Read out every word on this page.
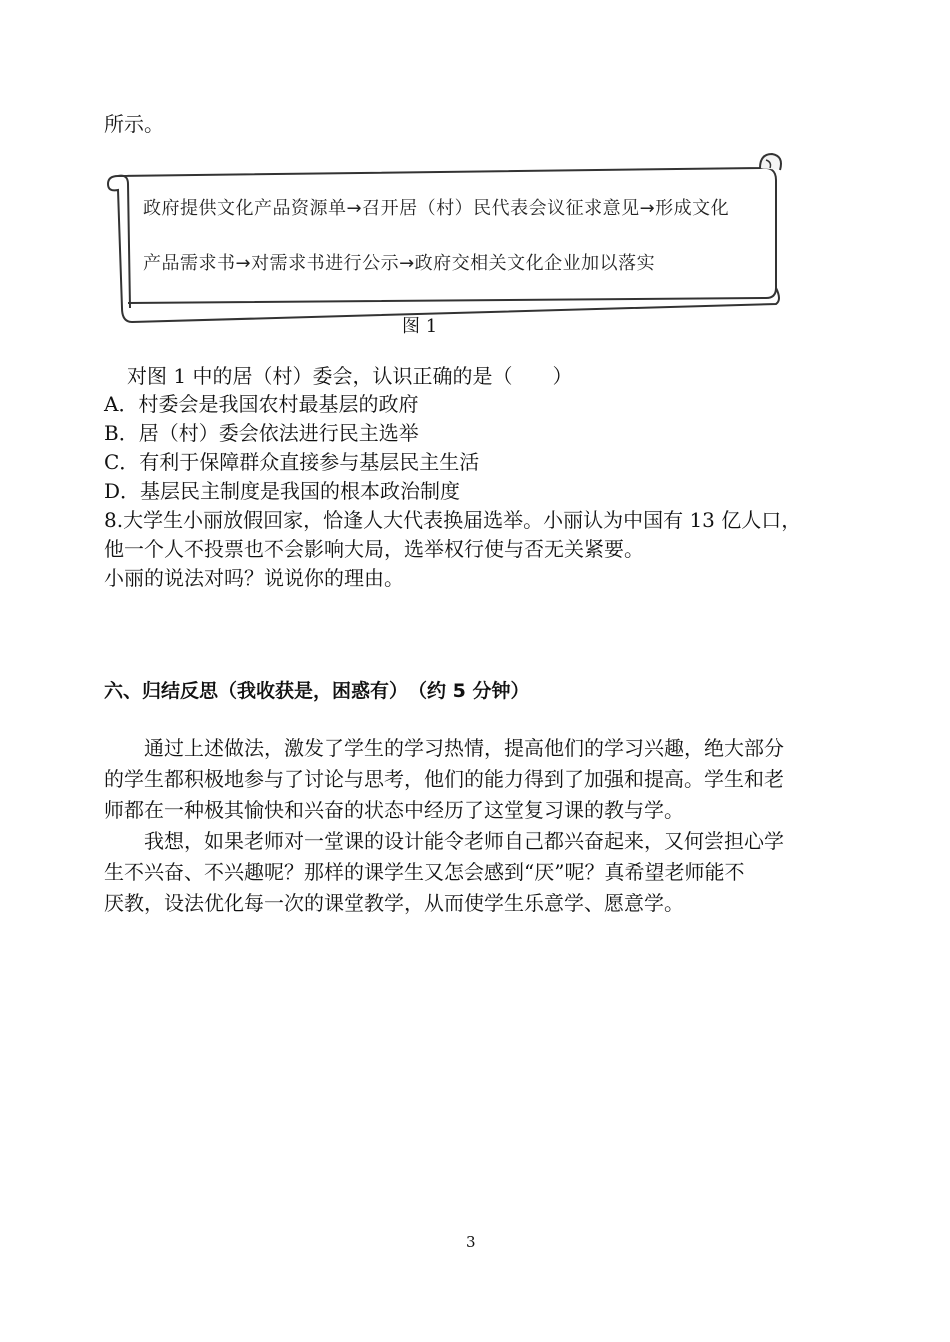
所示。
政府提供文化产品资源单→召开居（村）民代表会议征求意见→形成文化
产品需求书→对需求书进行公示→政府交相关文化企业加以落实
图 1
对图 1 中的居（村）委会，认识正确的是（　　）
A．村委会是我国农村最基层的政府
B．居（村）委会依法进行民主选举
C．有利于保障群众直接参与基层民主生活
D．基层民主制度是我国的根本政治制度
8.大学生小丽放假回家，恰逢人大代表换届选举。小丽认为中国有 13 亿人口，
他一个人不投票也不会影响大局，选举权行使与否无关紧要。
小丽的说法对吗？说说你的理由。
六、归结反思（我收获是，困惑有）　（约 5 分钟）
　　通过上述做法，激发了学生的学习热情，提高他们的学习兴趣，绝大部分
的学生都积极地参与了讨论与思考，他们的能力得到了加强和提高。学生和老
师都在一种极其愉快和兴奋的状态中经历了这堂复习课的教与学。
　　我想，如果老师对一堂课的设计能令老师自己都兴奋起来，又何尝担心学
生不兴奋、不兴趣呢？那样的课学生又怎会感到“厌”呢？真希望老师能不
厌教，设法优化每一次的课堂教学，从而使学生乐意学、愿意学。
3
